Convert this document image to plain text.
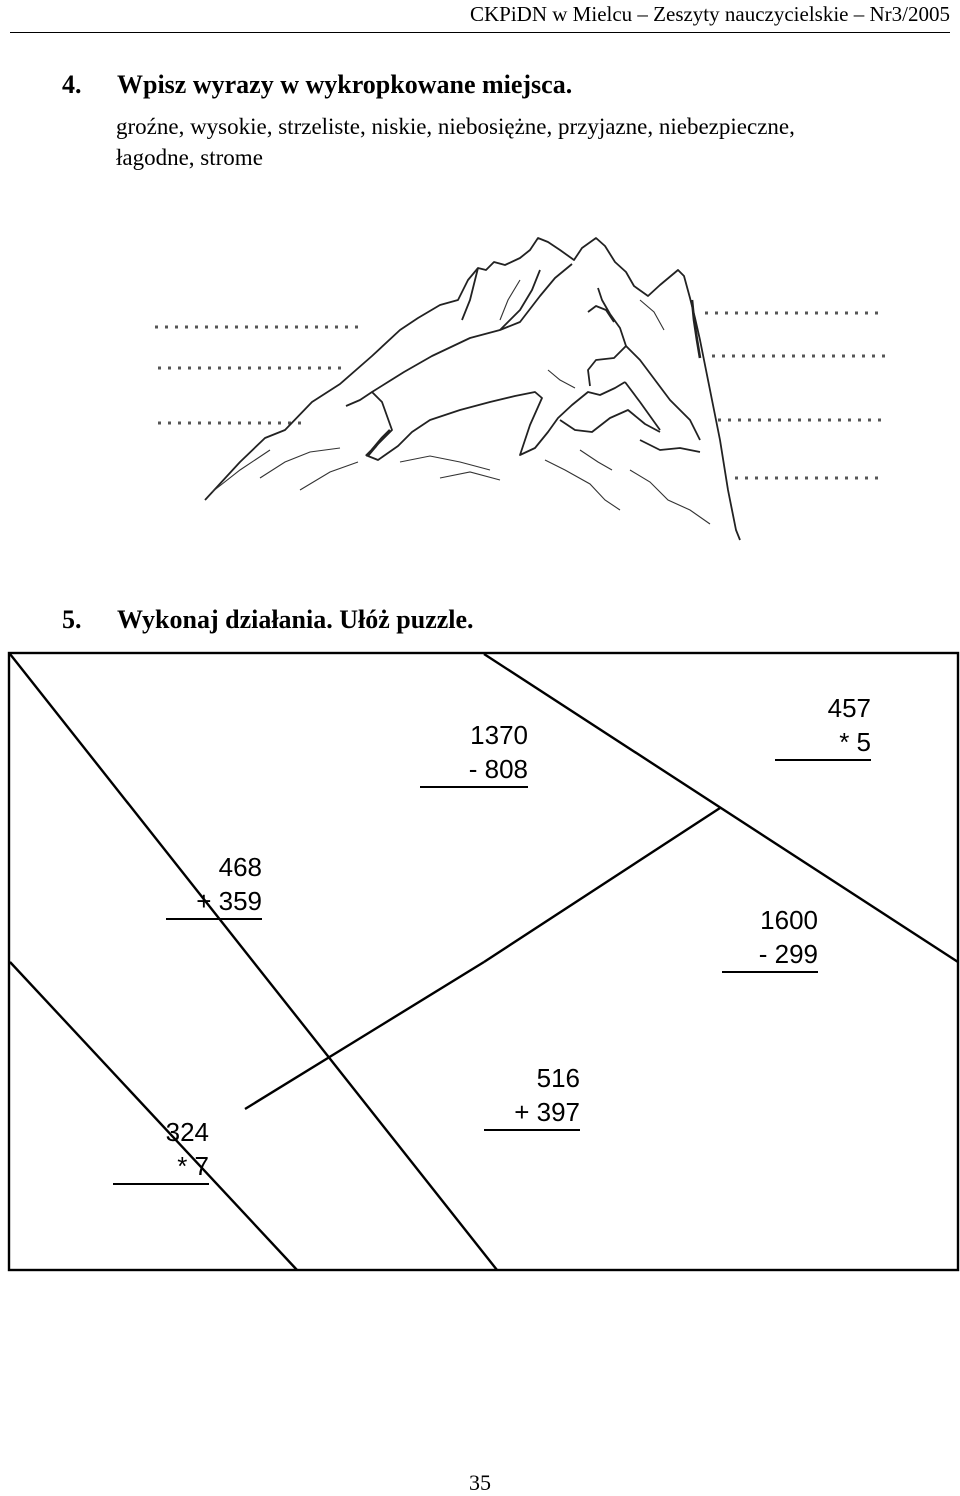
CKPiDN w Mielcu – Zeszyty nauczycielskie – Nr3/2005
4. Wpisz wyrazy w wykropkowane miejsca.
groźne, wysokie, strzeliste, niskie, niebosiężne, przyjazne, niebezpieczne,
łagodne, strome
5. Wykonaj działania. Ułóż puzzle.
1370
- 808
457
* 5
468
+ 359
1600
- 299
516
+ 397
324
* 7
35
